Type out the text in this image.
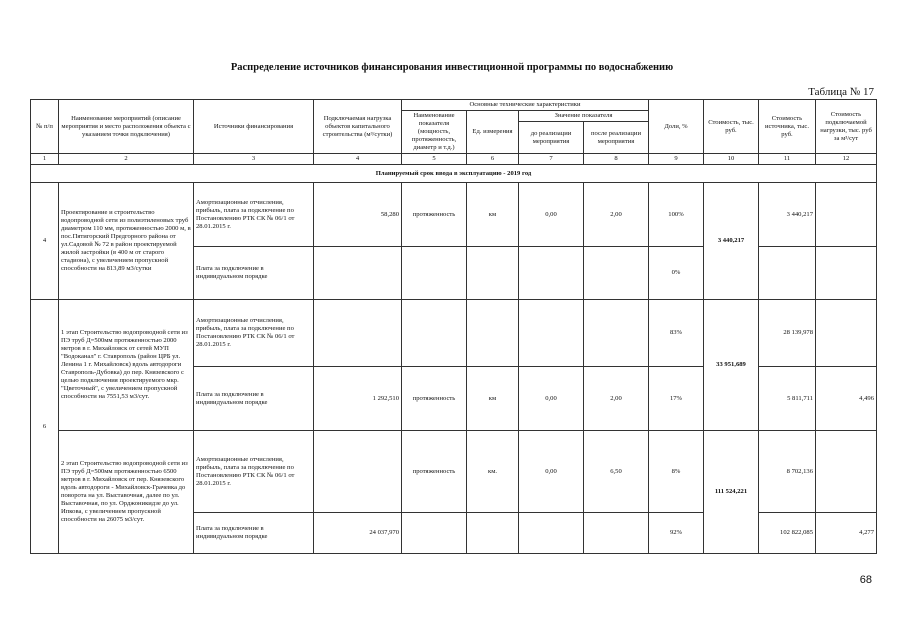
Распределение источников финансирования инвестиционной программы по водоснабжению
Таблица № 17
№ п/п	Наименование мероприятий (описание мероприятия и место расположения объекта с указанием точки подключения)	Источники финансирования	Подключаемая нагрузка объектов капитального строительства (м³/сутки)	Основные технические характеристики				Доли, %	Стоимость, тыс. руб.	Стоимость источника, тыс. руб.	Стоимость подключаемой нагрузки, тыс. руб за м³/сут
				Наименование показателя (мощность, протяженность, диаметр и т.д.)	Ед. измерения	Значение показателя					
						до реализации мероприятия	после реализации мероприятия				
1	2	3	4	5	6	7	8	9	10	11	12
Планируемый срок ввода в эксплуатацию - 2019 год											
4	Проектирование и строительство водопроводной сети из полиэтиленовых труб диаметром 110 мм, протяженностью 2000 м, в пос.Пятигорский Предгорного района от ул.Садовой № 72 в район проектируемой жилой застройки (в 400 м от старого стадиона), с увеличением пропускной способности на 813,89 м3/сутки	Амортизационные отчисления, прибыль, плата за подключение по Постановлению РТК СК № 06/1 от 28.01.2015 г.	58,280	протяженность	км	0,00	2,00	100%	3 440,217	3 440,217	
		Плата за подключение в индивидуальном порядке						0%			
6	1 этап Строительство водопроводной сети из ПЭ труб Д=500мм протяженностью 2000 метров в г. Михайловск от сетей МУП "Водоканал" г. Ставрополь (район ЦРБ ул. Ленина 1 г. Михайловск) вдоль автодороги Ставрополь-Дубовка) до пер. Князевского с целью подключения проектируемого мкр. "Цветочный", с увеличением пропускной способности на 7551,53 м3/сут.	Амортизационные отчисления, прибыль, плата за подключение по Постановлению РТК СК № 06/1 от 28.01.2015 г.						83%	33 951,689	28 139,978	
		Плата за подключение в индивидуальном порядке	1 292,510	протяженность	км	0,00	2,00	17%		5 811,711	4,496
	2 этап Строительство водопроводной сети из ПЭ труб Д=500мм протяженностью 6500 метров в г. Михайловск от пер. Князевского вдоль автодороги - Михайловск-Грачевка до поворота на ул. Выставочная, далее по ул. Выставочная, по ул. Орджоникидзе до ул. Ипкова, с увеличением пропускной способности на 26075 м3/сут.	Амортизационные отчисления, прибыль, плата за подключение по Постановлению РТК СК № 06/1 от 28.01.2015 г.		протяженность	км.	0,00	6,50	8%	111 524,221	8 702,136	
		Плата за подключение в индивидуальном порядке	24 037,970					92%		102 822,085	4,277
68
